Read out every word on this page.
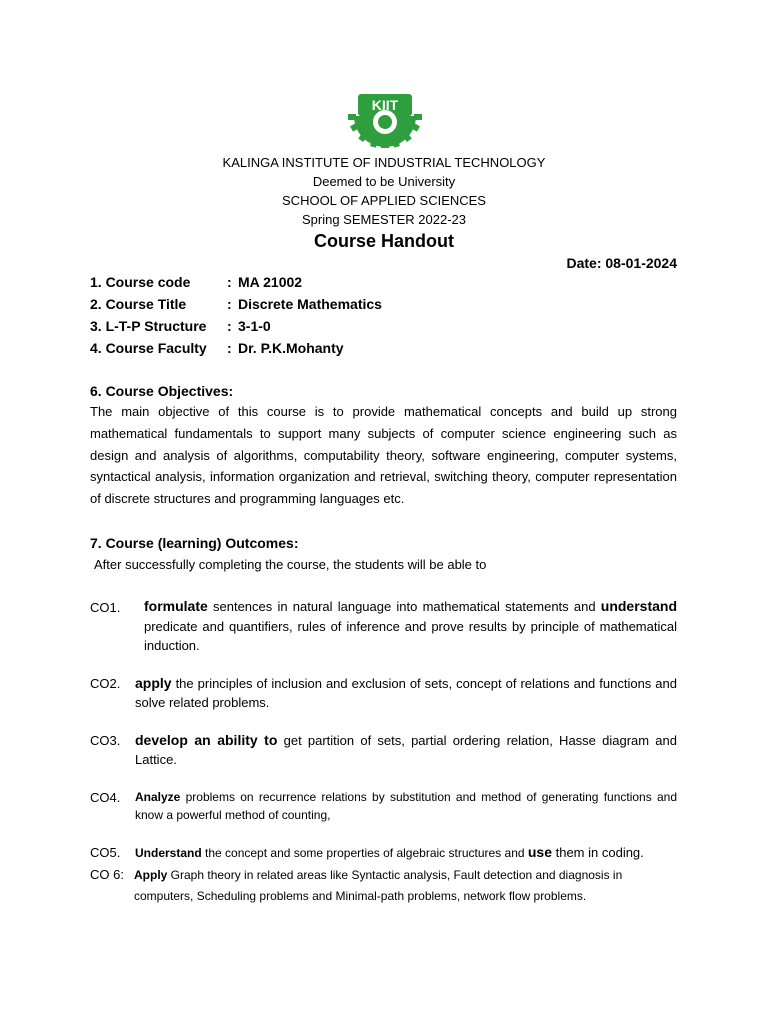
KIIT
KALINGA INSTITUTE OF INDUSTRIAL TECHNOLOGY
Deemed to be University
SCHOOL OF APPLIED SCIENCES
Spring SEMESTER 2022-23
Course Handout
Date: 08-01-2024
1. Course code	: MA 21002
2. Course Title	: Discrete Mathematics
3. L-T-P Structure : 3-1-0
4. Course Faculty : Dr. P.K.Mohanty
6. Course Objectives:
The main objective of this course is to provide mathematical concepts and build up strong mathematical fundamentals to support many subjects of computer science engineering such as design and analysis of algorithms, computability theory, software engineering, computer systems, syntactical analysis, information organization and retrieval, switching theory, computer representation of discrete structures and programming languages etc.
7. Course (learning) Outcomes:
After successfully completing the course, the students will be able to
CO1. formulate sentences in natural language into mathematical statements and understand predicate and quantifiers, rules of inference and prove results by principle of mathematical induction.
CO2. apply the principles of inclusion and exclusion of sets, concept of relations and functions and solve related problems.
CO3. develop an ability to get partition of sets, partial ordering relation, Hasse diagram and Lattice.
CO4. Analyze problems on recurrence relations by substitution and method of generating functions and know a powerful method of counting,
CO5. Understand the concept and some properties of algebraic structures and use them in coding.
CO 6: Apply Graph theory in related areas like Syntactic analysis, Fault detection and diagnosis in computers, Scheduling problems and Minimal-path problems, network flow problems.
